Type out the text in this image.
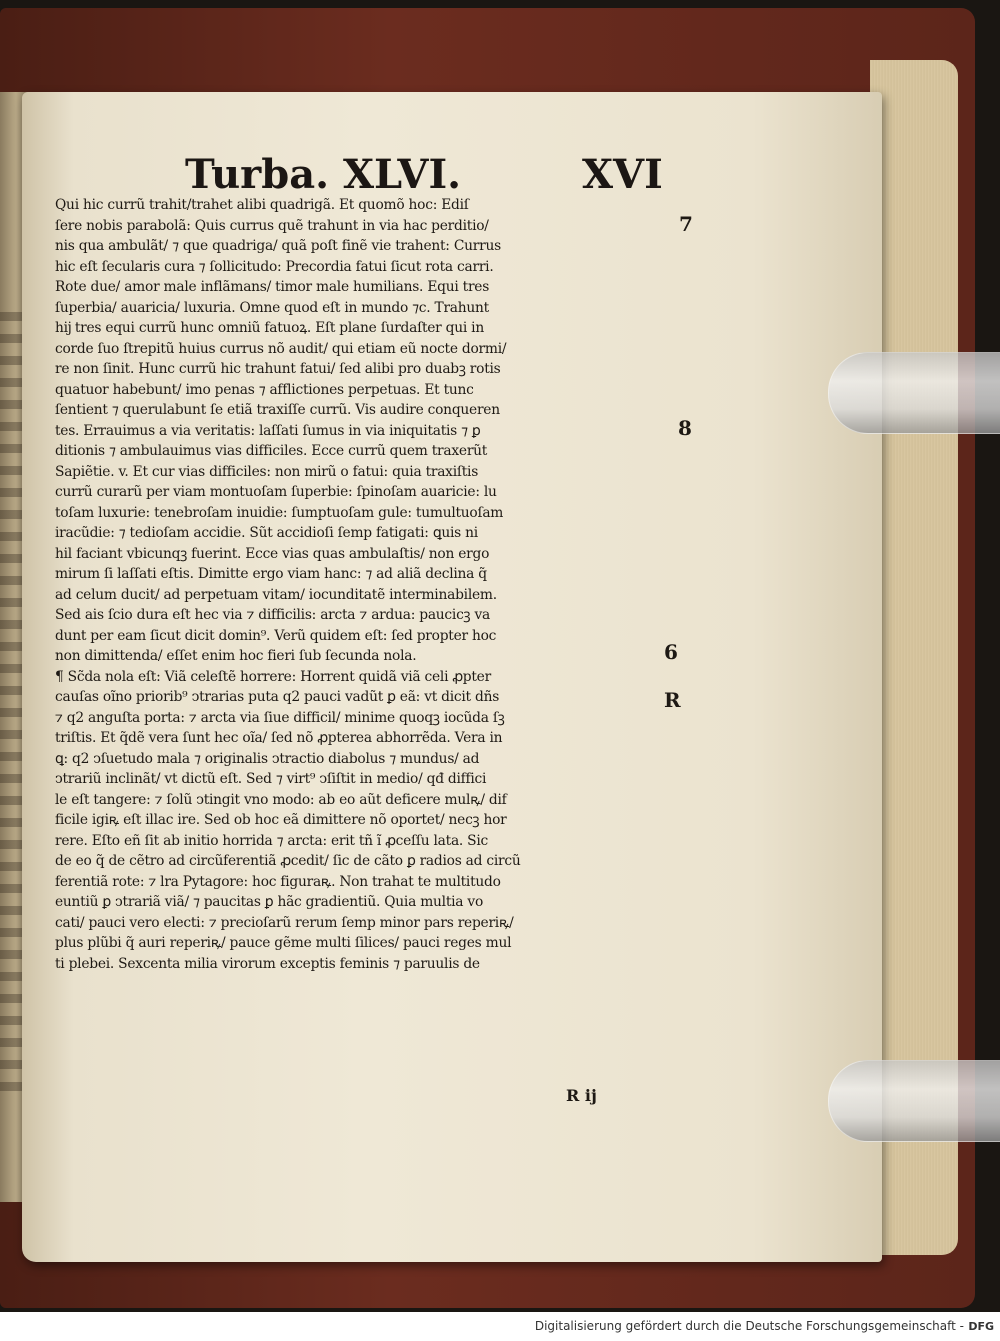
Turba. XLVI.	XVI
Qui hic currũ trahit/trahet alibi quadrigã. Et quomõ hoc: Ediſ
ſere nobis parabolã: Quis currus quẽ trahunt in via hac perditio/
nis qua ambulãt/ ⁊ que quadriga/ quã poſt finẽ vie trahent: Currus
hic eſt ſecularis cura ⁊ ſollicitudo: Precordia fatui ſicut rota carri.
Rote due/ amor male inflãmans/ timor male humilians. Equi tres
ſuperbia/ auaricia/ luxuria. Omne quod eſt in mundo ⁊c. Trahunt
hĳ tres equi currũ hunc omniũ fatuoꝝ. Eſt plane ſurdaſter qui in
corde ſuo ſtrepitũ huius currus nõ audit/ qui etiam eũ nocte dormi/
re non ſinit. Hunc currũ hic trahunt fatui/ ſed alibi pro duabꝫ rotis
quatuor habebunt/ imo penas ⁊ afflictiones perpetuas. Et tunc
ſentient ⁊ querulabunt ſe etiã traxiſſe currũ. Vis audire conqueren
tes. Errauimus a via veritatis: laſſati ſumus in via iniquitatis ⁊ ꝑ
ditionis ⁊ ambulauimus vias difficiles. Ecce currũ quem traxerũt
Sapiẽtie. v. Et cur vias difficiles: non mirũ o fatui: quia traxiſtis
currũ curarũ per viam montuoſam ſuperbie: ſpinoſam auaricie: lu
toſam luxurie: tenebroſam inuidie: ſumptuoſam gule: tumultuoſam
iracũdie: ⁊ tedioſam accidie. Sũt accidioſi ſemp fatigati: ꝗuis ni
hil faciant vbicunqꝫ fuerint. Ecce vias quas ambulaſtis/ non ergo
mirum ſi laſſati eſtis. Dimitte ergo viam hanc: ⁊ ad aliã declina q̃
ad celum ducit/ ad perpetuam vitam/ iocunditatẽ interminabilem.
Sed ais ſcio dura eſt hec via ⁊ difficilis: arcta ⁊ ardua: paucicꝫ va
dunt per eam ſicut dicit domin⁹. Verũ quidem eſt: ſed propter hoc
non dimittenda/ eſſet enim hoc fieri ſub ſecunda nola.
¶ Sc̃da nola eſt: Viã celeſtẽ horrere: Horrent quidã viã celi ꝓpter
cauſas oĩno priorib⁹ ↄtrarias puta q2 pauci vadũt ꝑ eã: vt dicit dñs
⁊ q2 anguſta porta: ⁊ arcta via ſiue difficil/ minime quoqꝫ iocũda ſꝫ
triſtis. Et q̃dẽ vera ſunt hec oĩa/ ſed nõ ꝓpterea abhorrẽda. Vera in
ꝗ: q2 ↄſuetudo mala ⁊ originalis ↄtractio diabolus ⁊ mundus/ ad
ↄtrariũ inclinãt/ vt dictũ eſt. Sed ⁊ virt⁹ ↄſiſtit in medio/ qđ diffici
le eſt tangere: ⁊ ſolũ ↄtingit vno modo: ab eo aũt deficere mulꝶ/ dif
ficile igiꝶ eſt illac ire. Sed ob hoc eã dimittere nõ oportet/ necꝫ hor
rere. Eſto eñ ſit ab initio horrida ⁊ arcta: erit tñ ĩ ꝓceſſu lata. Sic
de eo q̃ de cẽtro ad circũferentiã ꝓcedit/ ſic de cãto ꝑ radios ad circũ
ferentiã rote: ⁊ lra Pytagore: hoc figuraꝶ. Non trahat te multitudo
euntiũ ꝑ ↄtrariã viã/ ⁊ paucitas ꝑ hãc gradientiũ. Quia multia vo
cati/ pauci vero electi: ⁊ precioſarũ rerum ſemp minor pars reperiꝶ/
plus plũbi q̃ auri reperiꝶ/ pauce gẽme multi ſilices/ pauci reges mul
ti plebei. Sexcenta milia virorum exceptis feminis ⁊ paruulis de

7

8

6

R

R ĳ

Digitalisierung gefördert durch die Deutsche Forschungsgemeinschaft - DFG
